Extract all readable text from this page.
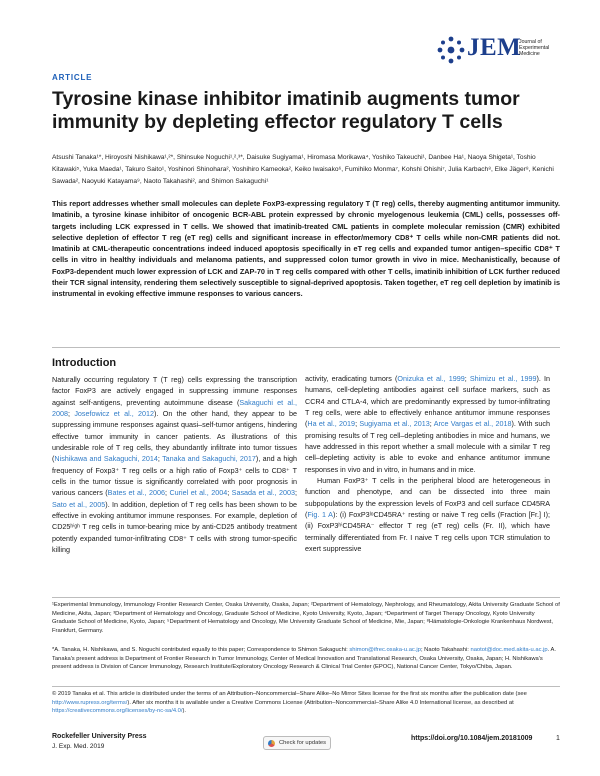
JEM
Journal of
Experimental
Medicine
ARTICLE
Tyrosine kinase inhibitor imatinib augments tumor immunity by depleting effector regulatory T cells
Atsushi Tanaka¹*, Hiroyoshi Nishikawa¹,²*, Shinsuke Noguchi¹,²,³*, Daisuke Sugiyama¹, Hiromasa Morikawa⁴, Yoshiko Takeuchi¹, Danbee Ha¹, Naoya Shigeta¹, Toshio Kitawaki⁵, Yuka Maeda¹, Takuro Saito¹, Yoshinori Shinohara², Yoshihiro Kameoka², Keiko Iwaisako⁶, Fumihiko Monma⁷, Kohshi Ohishi⁷, Julia Karbach⁸, Elke Jäger⁸, Kenichi Sawada², Naoyuki Katayama⁹, Naoto Takahashi², and Shimon Sakaguchi¹

This report addresses whether small molecules can deplete FoxP3-expressing regulatory T (T reg) cells, thereby augmenting antitumor immunity. Imatinib, a tyrosine kinase inhibitor of oncogenic BCR-ABL protein expressed by chronic myelogenous leukemia (CML) cells, possesses off-targets including LCK expressed in T cells. We showed that imatinib-treated CML patients in complete molecular remission (CMR) exhibited selective depletion of effector T reg (eT reg) cells and significant increase in effector/memory CD8⁺ T cells while non-CMR patients did not. Imatinib at CML-therapeutic concentrations indeed induced apoptosis specifically in eT reg cells and expanded tumor antigen–specific CD8⁺ T cells in vitro in healthy individuals and melanoma patients, and suppressed colon tumor growth in vivo in mice. Mechanistically, because of FoxP3-dependent much lower expression of LCK and ZAP-70 in T reg cells compared with other T cells, imatinib inhibition of LCK further reduced their TCR signal intensity, rendering them selectively susceptible to signal-deprived apoptosis. Taken together, eT reg cell depletion by imatinib is instrumental in evoking effective immune responses to various cancers.

Introduction

Naturally occurring regulatory T (T reg) cells expressing the transcription factor FoxP3 are actively engaged in suppressing immune responses against self-antigens, preventing autoimmune disease (Sakaguchi et al., 2008; Josefowicz et al., 2012). On the other hand, they appear to be suppressing immune responses against quasi–self-tumor antigens, hindering effective tumor immunity in cancer patients. As illustrations of this undesirable role of T reg cells, they abundantly infiltrate into tumor tissues (Nishikawa and Sakaguchi, 2014; Tanaka and Sakaguchi, 2017), and a high frequency of Foxp3⁺ T reg cells or a high ratio of Foxp3⁺ cells to CD8⁺ T cells in the tumor tissue is significantly correlated with poor prognosis in various cancers (Bates et al., 2006; Curiel et al., 2004; Sasada et al., 2003; Sato et al., 2005). In addition, depletion of T reg cells has been shown to be effective in evoking antitumor immune responses. For example, depletion of CD25ʰⁱᵍʰ T reg cells in tumor-bearing mice by anti-CD25 antibody treatment potently expanded tumor-infiltrating CD8⁺ T cells with strong tumor-specific killing

activity, eradicating tumors (Onizuka et al., 1999; Shimizu et al., 1999). In humans, cell-depleting antibodies against cell surface markers, such as CCR4 and CTLA-4, which are predominantly expressed by tumor-infiltrating T reg cells, were able to effectively enhance antitumor immune responses (Ha et al., 2019; Sugiyama et al., 2013; Arce Vargas et al., 2018). With such promising results of T reg cell–depleting antibodies in mice and humans, we have addressed in this report whether a small molecule with a similar T reg cell–depleting activity is able to evoke and enhance antitumor immune responses in vivo and in vitro, in humans and in mice.

Human FoxP3⁺ T cells in the peripheral blood are heterogeneous in function and phenotype, and can be dissected into three main subpopulations by the expression levels of FoxP3 and cell surface CD45RA (Fig. 1 A): (i) FoxP3ˡᵒCD45RA⁺ resting or naive T reg cells (Fraction [Fr.] I); (ii) FoxP3ʰⁱCD45RA⁻ effector T reg (eT reg) cells (Fr. II), which have terminally differentiated from Fr. I naive T reg cells upon TCR stimulation to exert suppressive

¹Experimental Immunology, Immunology Frontier Research Center, Osaka University, Osaka, Japan; ²Department of Hematology, Nephrology, and Rheumatology, Akita University Graduate School of Medicine, Akita, Japan; ³Department of Hematology and Oncology, Graduate School of Medicine, Kyoto University, Kyoto, Japan; ⁴Department of Target Therapy Oncology, Kyoto University Graduate School of Medicine, Kyoto, Japan; ⁵Department of Hematology and Oncology, Mie University Graduate School of Medicine, Mie, Japan; ⁸Hämatologie-Onkologie Krankenhaus Nordwest, Frankfurt, Germany.

*A. Tanaka, H. Nishikawa, and S. Noguchi contributed equally to this paper; Correspondence to Shimon Sakaguchi: shimon@ifrec.osaka-u.ac.jp; Naoto Takahashi: naotot@doc.med.akita-u.ac.jp. A. Tanaka's present address is Department of Frontier Research in Tumor Immunology, Center of Medical Innovation and Translational Research, Osaka University, Osaka, Japan; H. Nishikawa's present address is Division of Cancer Immunology, Research Institute/Exploratory Oncology Research & Clinical Trial Center (EPOC), National Cancer Center, Tokyo/Chiba, Japan.

© 2019 Tanaka et al. This article is distributed under the terms of an Attribution–Noncommercial–Share Alike–No Mirror Sites license for the first six months after the publication date (see http://www.rupress.org/terms/). After six months it is available under a Creative Commons License (Attribution–Noncommercial–Share Alike 4.0 International license, as described at https://creativecommons.org/licenses/by-nc-sa/4.0/).

Rockefeller University Press
J. Exp. Med. 2019	Check for updates
https://doi.org/10.1084/jem.20181009	1
